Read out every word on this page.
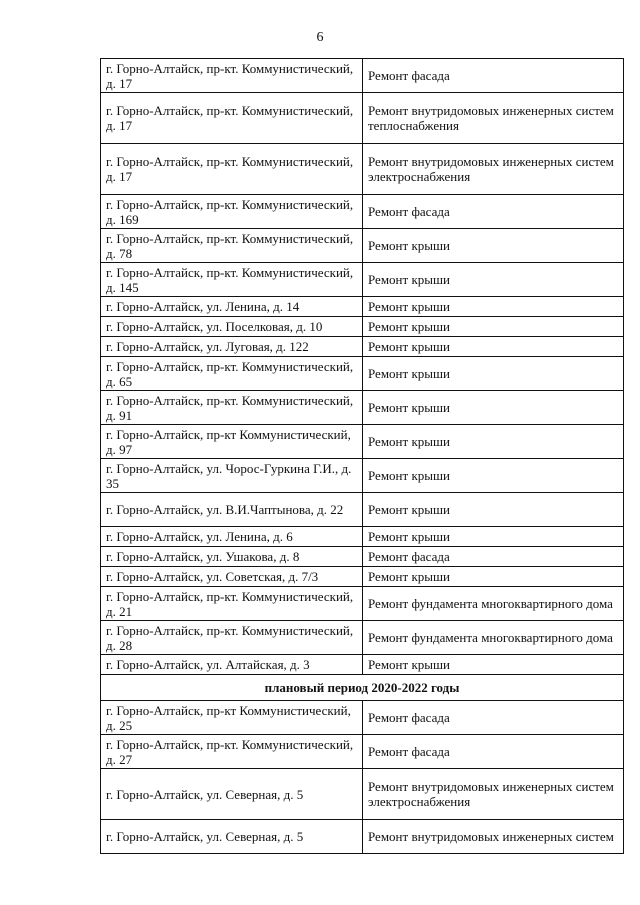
6
г. Горно-Алтайск, пр-кт. Коммунистический, д. 17	Ремонт фасада
г. Горно-Алтайск, пр-кт. Коммунистический, д. 17	Ремонт внутридомовых инженерных систем теплоснабжения
г. Горно-Алтайск, пр-кт. Коммунистический, д. 17	Ремонт внутридомовых инженерных систем электроснабжения
г. Горно-Алтайск, пр-кт. Коммунистический, д. 169	Ремонт фасада
г. Горно-Алтайск, пр-кт. Коммунистический, д. 78	Ремонт крыши
г. Горно-Алтайск, пр-кт. Коммунистический, д. 145	Ремонт крыши
г. Горно-Алтайск, ул. Ленина, д. 14	Ремонт крыши
г. Горно-Алтайск, ул. Поселковая, д. 10	Ремонт крыши
г. Горно-Алтайск, ул. Луговая, д. 122	Ремонт крыши
г. Горно-Алтайск, пр-кт. Коммунистический, д. 65	Ремонт крыши
г. Горно-Алтайск, пр-кт. Коммунистический, д. 91	Ремонт крыши
г. Горно-Алтайск, пр-кт Коммунистический, д. 97	Ремонт крыши
г. Горно-Алтайск, ул. Чорос-Гуркина Г.И., д. 35	Ремонт крыши
г. Горно-Алтайск, ул. В.И.Чаптынова, д. 22	Ремонт крыши
г. Горно-Алтайск, ул. Ленина, д. 6	Ремонт крыши
г. Горно-Алтайск, ул. Ушакова, д. 8	Ремонт фасада
г. Горно-Алтайск, ул. Советская, д. 7/3	Ремонт крыши
г. Горно-Алтайск, пр-кт. Коммунистический, д. 21	Ремонт фундамента многоквартирного дома
г. Горно-Алтайск, пр-кт. Коммунистический, д. 28	Ремонт фундамента многоквартирного дома
г. Горно-Алтайск, ул. Алтайская, д. 3	Ремонт крыши
плановый период 2020-2022 годы	
г. Горно-Алтайск, пр-кт Коммунистический, д. 25	Ремонт фасада
г. Горно-Алтайск, пр-кт. Коммунистический, д. 27	Ремонт фасада
г. Горно-Алтайск, ул. Северная, д. 5	Ремонт внутридомовых инженерных систем электроснабжения
г. Горно-Алтайск, ул. Северная, д. 5	Ремонт внутридомовых инженерных систем
